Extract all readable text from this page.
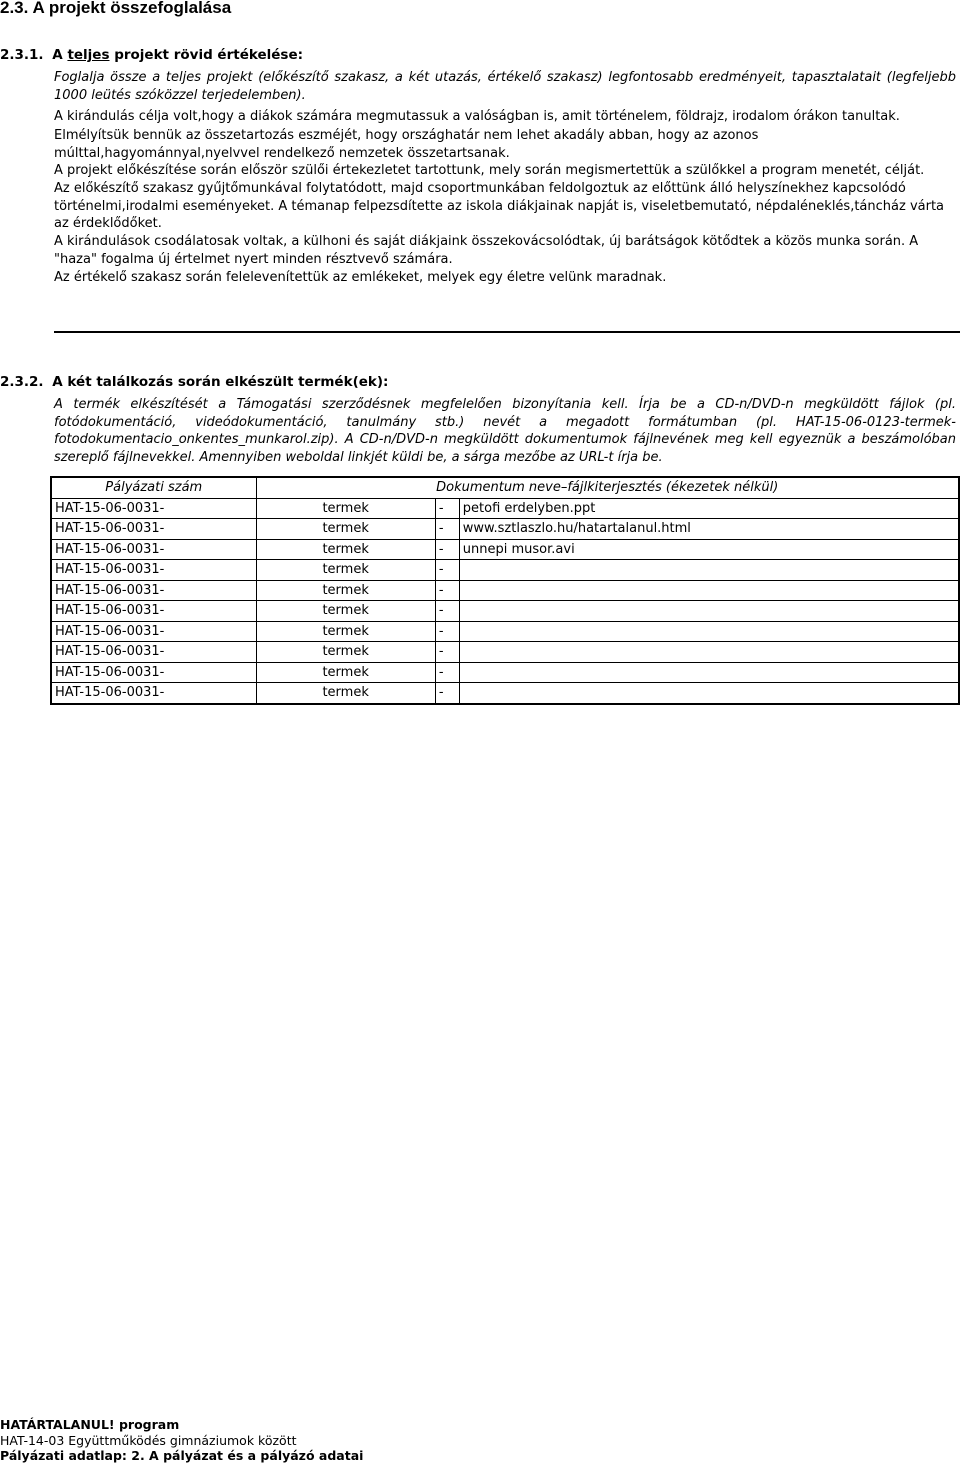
2.3. A projekt összefoglalása
2.3.1. A teljes projekt rövid értékelése:

Foglalja össze a teljes projekt (előkészítő szakasz, a két utazás, értékelő szakasz) legfontosabb eredményeit, tapasztalatait (legfeljebb 1000 leütés szóközzel terjedelemben).

A kirándulás célja volt,hogy a diákok számára megmutassuk a valóságban is, amit történelem, földrajz, irodalom órákon tanultak.

Elmélyítsük bennük az összetartozás eszméjét, hogy országhatár nem lehet akadály abban, hogy az azonos múlttal,hagyománnyal,nyelvvel rendelkező nemzetek összetartsanak.

A projekt előkészítése során először szülői értekezletet tartottunk, mely során megismertettük a szülőkkel a program menetét, célját.

Az előkészítő szakasz gyűjtőmunkával folytatódott, majd csoportmunkában feldolgoztuk az előttünk álló helyszínekhez kapcsolódó történelmi,irodalmi eseményeket. A témanap felpezsdítette az iskola diákjainak napját is, viseletbemutató, népdaléneklés,táncház várta az érdeklődőket.

A kirándulások csodálatosak voltak, a külhoni és saját diákjaink összekovácsolódtak, új barátságok kötődtek a közös munka során. A "haza" fogalma új értelmet nyert minden résztvevő számára.

Az értékelő szakasz során felelevenítettük az emlékeket, melyek egy életre velünk maradnak.

2.3.2. A két találkozás során elkészült termék(ek):

A termék elkészítését a Támogatási szerződésnek megfelelően bizonyítania kell. Írja be a CD-n/DVD-n megküldött fájlok (pl. fotódokumentáció, videódokumentáció, tanulmány stb.) nevét a megadott formátumban (pl. HAT-15-06-0123-termek-fotodokumentacio_onkentes_munkarol.zip). A CD-n/DVD-n megküldött dokumentumok fájlnevének meg kell egyeznük a beszámolóban szereplő fájlnevekkel. Amennyiben weboldal linkjét küldi be, a sárga mezőbe az URL-t írja be.

Pályázati szám	Dokumentum neve–fájlkiterjesztés (ékezetek nélkül)		
HAT-15-06-0031-	termek	-	petofi erdelyben.ppt
HAT-15-06-0031-	termek	-	www.sztlaszlo.hu/hatartalanul.html
HAT-15-06-0031-	termek	-	unnepi musor.avi
HAT-15-06-0031-	termek	-	
HAT-15-06-0031-	termek	-	
HAT-15-06-0031-	termek	-	
HAT-15-06-0031-	termek	-	
HAT-15-06-0031-	termek	-	
HAT-15-06-0031-	termek	-	
HAT-15-06-0031-	termek	-	
HATÁRTALANUL! program
HAT-14-03 Együttműködés gimnáziumok között
Pályázati adatlap: 2. A pályázat és a pályázó adatai
